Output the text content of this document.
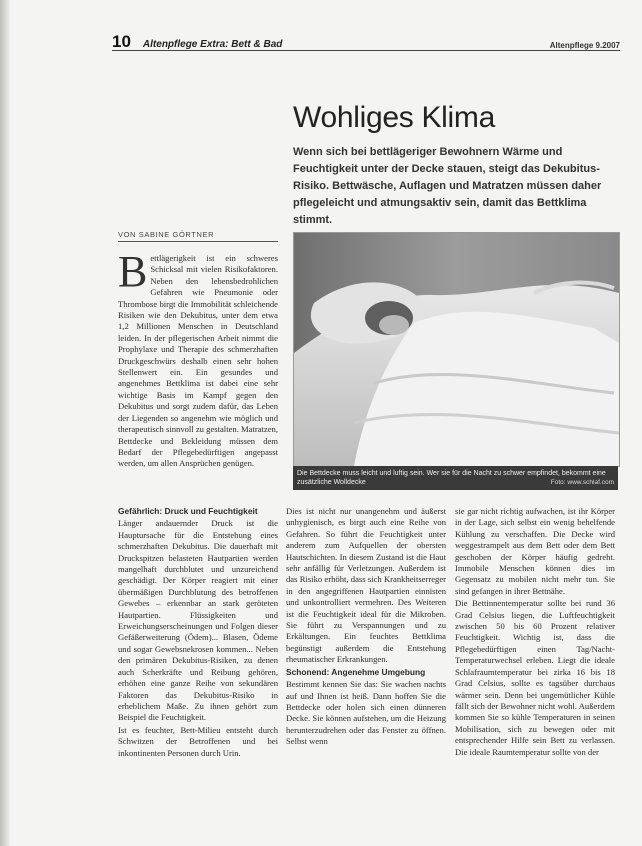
10 Altenpflege Extra: Bett & Bad	Altenpflege 9.2007
Wohliges Klima
Wenn sich bei bettlägeriger Bewohnern Wärme und Feuchtigkeit unter der Decke stauen, steigt das Dekubitus-Risiko. Bettwäsche, Auflagen und Matratzen müssen daher pflegeleicht und atmungsaktiv sein, damit das Bettklima stimmt.
VON SABINE GÖRTNER
B ettlägerigkeit ist ein schweres Schicksal mit vielen Risikofaktoren. Neben den lebensbedrohlichen Gefahren wie Pneumonie oder Thrombose birgt die Immobilität schleichende Risiken wie den Dekubitus, unter dem etwa 1,2 Millionen Menschen in Deutschland leiden. In der pflegerischen Arbeit nimmt die Prophylaxe und Therapie des schmerzhaften Druckgeschwürs deshalb einen sehr hohen Stellenwert ein. Ein gesundes und angenehmes Bettklima ist dabei eine sehr wichtige Basis im Kampf gegen den Dekubitus und sorgt zudem dafür, das Leben der Liegenden so angenehm wie möglich und therapeutisch sinnvoll zu gestalten. Matratzen, Bettdecke und Bekleidung müssen dem Bedarf der Pflegebedürftigen angepasst werden, um allen Ansprüchen genügen.

Die Bettdecke muss leicht und luftig sein. Wer sie für die Nacht zu schwer empfindet, bekommt eine zusätzliche Wolldecke	Foto: www.schlaf.com
Gefährlich: Druck und Feuchtigkeit

Länger andauernder Druck ist die Hauptursache für die Entstehung eines schmerzhaften Dekubitus. Die dauerhaft mit Druckspitzen belasteten Hautpartien werden mangelhaft durchblutet und unzureichend geschädigt. Der Körper reagiert mit einer übermäßigen Durchblutung des betroffenen Gewebes – erkennbar an stark geröteten Hautpartien. Flüssigkeiten und Erweichungserscheinungen und Folgen dieser Gefäßerweiterung (Ödem)... Blasen, Ödeme und sogar Gewebsnekrosen kommen... Neben den primären Dekubitus-Risiken, zu denen auch Scherkräfte und Reibung gehören, erhöhen eine ganze Reihe von sekundären Faktoren das Dekubitus-Risiko in erheblichem Maße. Zu ihnen gehört zum Beispiel die Feuchtigkeit.

Ist es feuchter, Bett-Milieu entsteht durch Schwitzen der Betroffenen und bei inkontinenten Personen durch Urin.

Dies ist nicht nur unangenehm und äußerst unhygienisch, es birgt auch eine Reihe von Gefahren. So führt die Feuchtigkeit unter anderem zum Aufquellen der obersten Hautschichten. In diesem Zustand ist die Haut sehr anfällig für Verletzungen. Außerdem ist das Risiko erhöht, dass sich Krankheitserreger in den angegriffenen Hautpartien einnisten und unkontrolliert vermehren. Des Weiteren ist die Feuchtigkeit ideal für die Mikroben. Sie führt zu Verspannungen und zu Erkältungen. Ein feuchtes Bettklima begünstigt außerdem die Entstehung rheumatischer Erkrankungen.

Schonend: Angenehme Umgebung

Bestimmt kennen Sie das: Sie wachen nachts auf und Ihnen ist heiß. Dann hoffen Sie die Bettdecke oder holen sich einen dünneren Decke. Sie können aufstehen, um die Heizung herunterzudrehen oder das Fenster zu öffnen. Selbst wenn

sie gar nicht richtig aufwachen, ist ihr Körper in der Lage, sich selbst ein wenig behelfende Kühlung zu verschaffen. Die Decke wird weggestrampelt aus dem Bett oder dem Bett geschoben der Körper häufig gedreht. Immobile Menschen können dies im Gegensatz zu mobilen nicht mehr tun. Sie sind gefangen in ihrer Bettnähe.

Die Bettinnentemperatur sollte bei rund 36 Grad Celsius liegen, die Luftfeuchtigkeit zwischen 50 bis 60 Prozent relativer Feuchtigkeit. Wichtig ist, dass die Pflegebedürftigen einen Tag/Nacht-Temperaturwechsel erleben. Liegt die ideale Schlafraumtemperatur bei zirka 16 bis 18 Grad Celsius, sollte es tagsüber durchaus wärmer sein. Denn bei ungemütlicher Kühle fällt sich der Bewohner nicht wohl. Außerdem kommen Sie so kühle Temperaturen in seinen Mobilisation, sich zu bewegen oder mit entsprechender Hilfe sein Bett zu verlassen. Die ideale Raumtemperatur sollte von der
